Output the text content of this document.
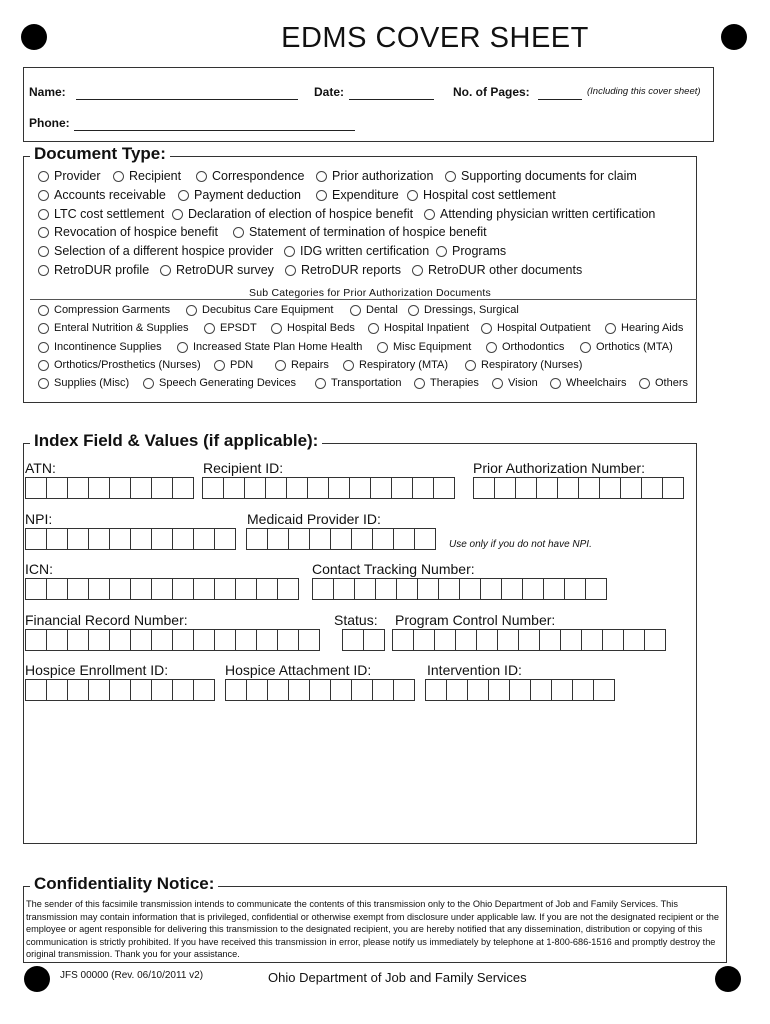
EDMS COVER SHEET
Name:	Date:	No. of Pages:	(Including this cover sheet)
Phone:
Document Type:
Sub Categories for Prior Authorization Documents
Provider Recipient Correspondence Prior authorization Supporting documents for claim
Accounts receivable Payment deduction Expenditure Hospital cost settlement
LTC cost settlement Declaration of election of hospice benefit Attending physician written certification
Revocation of hospice benefit Statement of termination of hospice benefit
Selection of a different hospice provider IDG written certification Programs
RetroDUR profile RetroDUR survey RetroDUR reports RetroDUR other documents
Compression Garments	Decubitus Care Equipment	Dental Dressings, Surgical
Enteral Nutrition & Supplies	EPSDT	Hospital Beds	Hospital Inpatient	Hospital Outpatient	Hearing Aids
Incontinence Supplies	Increased State Plan Home Health	Misc Equipment	Orthodontics	Orthotics (MTA)
Orthotics/Prosthetics (Nurses)	PDN	Repairs	Respiratory (MTA)	Respiratory (Nurses)
Supplies (Misc)	Speech Generating Devices	Transportation	Therapies	Vision	Wheelchairs	Others
Index Field & Values (if applicable):
ATN:	Recipient ID:	Prior Authorization Number:
NPI:	Medicaid Provider ID:
Use only if you do not have NPI.
ICN:	Contact Tracking Number:
Financial Record Number:	Status: Program Control Number:
Hospice Enrollment ID:	Hospice Attachment ID:	Intervention ID:
Confidentiality Notice:
The sender of this facsimile transmission intends to communicate the contents of this transmission only to the Ohio Department of Job and Family Services. This transmission may contain information that is privileged, confidential or otherwise exempt from disclosure under applicable law. If you are not the designated recipient or the employee or agent responsible for delivering this transmission to the designated recipient, you are hereby notified that any dissemination, distribution or copying of this communication is strictly prohibited. If you have received this transmission in error, please notify us immediately by telephone at 1-800-686-1516 and promptly destroy the original transmission. Thank you for your assistance.
JFS 00000 (Rev. 06/10/2011 v2)	Ohio Department of Job and Family Services
